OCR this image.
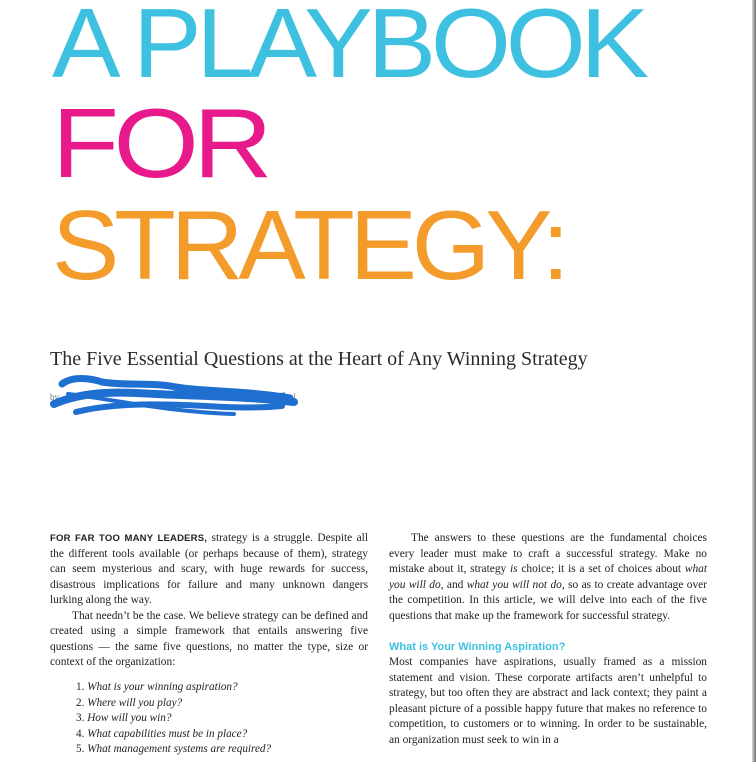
A PLAYBOOK
FOR
STRATEGY:
The Five Essential Questions at the Heart of Any Winning Strategy
by	nel

FOR FAR TOO MANY LEADERS, strategy is a struggle. Despite all the different tools available (or perhaps because of them), strategy can seem mysterious and scary, with huge rewards for success, disastrous implications for failure and many unknown dangers lurking along the way.

That needn’t be the case. We believe strategy can be defined and created using a simple framework that entails answering five questions — the same five questions, no matter the type, size or context of the organization:

1. What is your winning aspiration?
2. Where will you play?
3. How will you win?
4. What capabilities must be in place?
5. What management systems are required?

The answers to these questions are the fundamental choices every leader must make to craft a successful strategy. Make no mistake about it, strategy is choice; it is a set of choices about what you will do, and what you will not do, so as to create advantage over the competition. In this article, we will delve into each of the five questions that make up the framework for successful strategy.

What is Your Winning Aspiration?

Most companies have aspirations, usually framed as a mission statement and vision. These corporate artifacts aren’t unhelpful to strategy, but too often they are abstract and lack context; they paint a pleasant picture of a possible happy future that makes no reference to competition, to customers or to winning. In order to be sustainable, an organization must seek to win in a
